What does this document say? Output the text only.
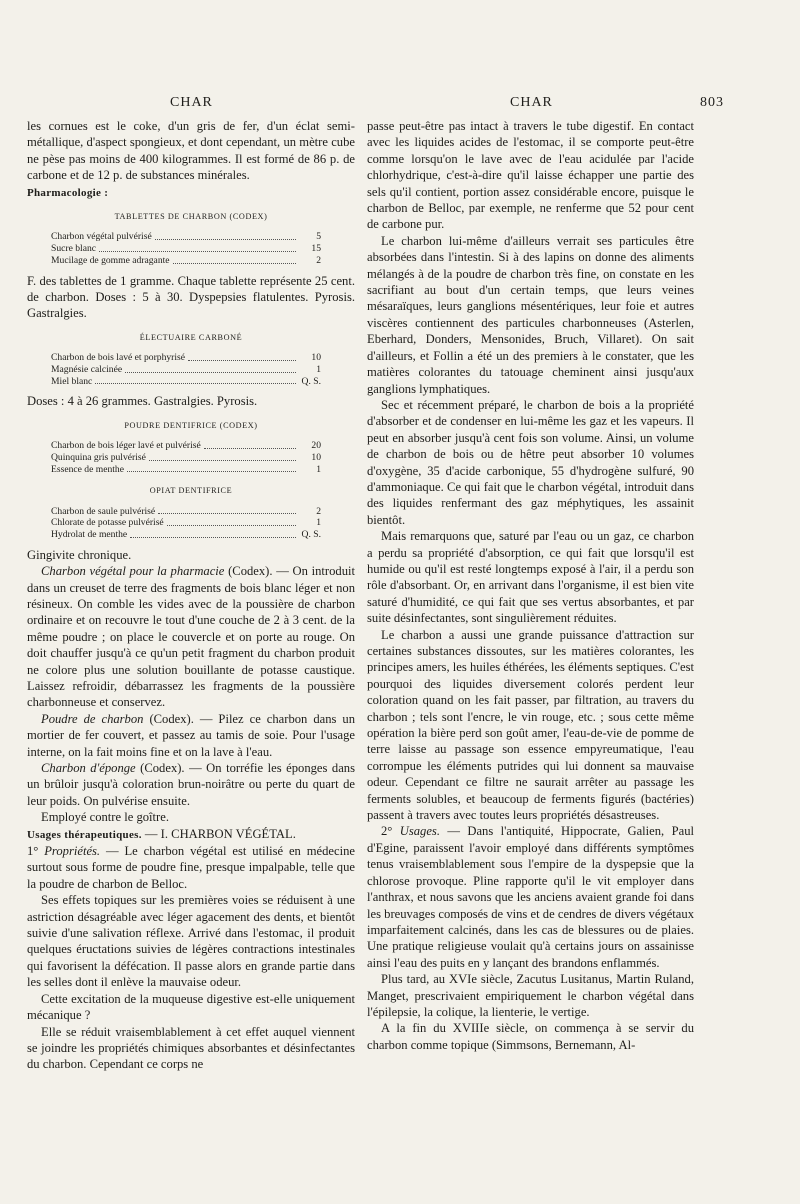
CHAR	CHAR	803

les cornues est le coke, d'un gris de fer, d'un éclat semi-métallique, d'aspect spongieux, et dont cependant, un mètre cube ne pèse pas moins de 400 kilogrammes. Il est formé de 86 p. de carbone et de 12 p. de substances minérales.

Pharmacologie :

TABLETTES DE CHARBON (CODEX)
Charbon végétal pulvérisé	5
Sucre blanc	15
Mucilage de gomme adragante	2

F. des tablettes de 1 gramme. Chaque tablette représente 25 cent. de charbon. Doses : 5 à 30. Dyspepsies flatulentes. Pyrosis. Gastralgies.

ÉLECTUAIRE CARBONÉ
Charbon de bois lavé et porphyrisé	10
Magnésie calcinée	1
Miel blanc	Q. S.

Doses : 4 à 26 grammes. Gastralgies. Pyrosis.

POUDRE DENTIFRICE (CODEX)
Charbon de bois léger lavé et pulvérisé	20
Quinquina gris pulvérisé	10
Essence de menthe	1
OPIAT DENTIFRICE
Charbon de saule pulvérisé	2
Chlorate de potasse pulvérisé	1
Hydrolat de menthe	Q. S.

Gingivite chronique.

Charbon végétal pour la pharmacie (Codex). — On introduit dans un creuset de terre des fragments de bois blanc léger et non résineux. On comble les vides avec de la poussière de charbon ordinaire et on recouvre le tout d'une couche de 2 à 3 cent. de la même poudre ; on place le couvercle et on porte au rouge. On doit chauffer jusqu'à ce qu'un petit fragment du charbon produit ne colore plus une solution bouillante de potasse caustique. Laissez refroidir, débarrassez les fragments de la poussière charbonneuse et conservez.

Poudre de charbon (Codex). — Pilez ce charbon dans un mortier de fer couvert, et passez au tamis de soie. Pour l'usage interne, on la fait moins fine et on la lave à l'eau.

Charbon d'éponge (Codex). — On torréfie les éponges dans un brûloir jusqu'à coloration brun-noirâtre ou perte du quart de leur poids. On pulvérise ensuite.

Employé contre le goître.

Usages thérapeutiques. — I. CHARBON VÉGÉTAL.

1° Propriétés. — Le charbon végétal est utilisé en médecine surtout sous forme de poudre fine, presque impalpable, telle que la poudre de charbon de Belloc.

Ses effets topiques sur les premières voies se réduisent à une astriction désagréable avec léger agacement des dents, et bientôt suivie d'une salivation réflexe. Arrivé dans l'estomac, il produit quelques éructations suivies de légères contractions intestinales qui favorisent la défécation. Il passe alors en grande partie dans les selles dont il enlève la mauvaise odeur.

Cette excitation de la muqueuse digestive est-elle uniquement mécanique ?

Elle se réduit vraisemblablement à cet effet auquel viennent se joindre les propriétés chimiques absorbantes et désinfectantes du charbon. Cependant ce corps ne

passe peut-être pas intact à travers le tube digestif. En contact avec les liquides acides de l'estomac, il se comporte peut-être comme lorsqu'on le lave avec de l'eau acidulée par l'acide chlorhydrique, c'est-à-dire qu'il laisse échapper une partie des sels qu'il contient, portion assez considérable encore, puisque le charbon de Belloc, par exemple, ne renferme que 52 pour cent de carbone pur.

Le charbon lui-même d'ailleurs verrait ses particules être absorbées dans l'intestin. Si à des lapins on donne des aliments mélangés à de la poudre de charbon très fine, on constate en les sacrifiant au bout d'un certain temps, que leurs veines mésaraïques, leurs ganglions mésentériques, leur foie et autres viscères contiennent des particules charbonneuses (Asterlen, Eberhard, Donders, Mensonides, Bruch, Villaret). On sait d'ailleurs, et Follin a été un des premiers à le constater, que les matières colorantes du tatouage cheminent ainsi jusqu'aux ganglions lymphatiques.

Sec et récemment préparé, le charbon de bois a la propriété d'absorber et de condenser en lui-même les gaz et les vapeurs. Il peut en absorber jusqu'à cent fois son volume. Ainsi, un volume de charbon de bois ou de hêtre peut absorber 10 volumes d'oxygène, 35 d'acide carbonique, 55 d'hydrogène sulfuré, 90 d'ammoniaque. Ce qui fait que le charbon végétal, introduit dans des liquides renfermant des gaz méphytiques, les assainit bientôt.

Mais remarquons que, saturé par l'eau ou un gaz, ce charbon a perdu sa propriété d'absorption, ce qui fait que lorsqu'il est humide ou qu'il est resté longtemps exposé à l'air, il a perdu son rôle d'absorbant. Or, en arrivant dans l'organisme, il est bien vite saturé d'humidité, ce qui fait que ses vertus absorbantes, et par suite désinfectantes, sont singulièrement réduites.

Le charbon a aussi une grande puissance d'attraction sur certaines substances dissoutes, sur les matières colorantes, les principes amers, les huiles éthérées, les éléments septiques. C'est pourquoi des liquides diversement colorés perdent leur coloration quand on les fait passer, par filtration, au travers du charbon ; tels sont l'encre, le vin rouge, etc. ; sous cette même opération la bière perd son goût amer, l'eau-de-vie de pomme de terre laisse au passage son essence empyreumatique, l'eau corrompue les éléments putrides qui lui donnent sa mauvaise odeur. Cependant ce filtre ne saurait arrêter au passage les ferments solubles, et beaucoup de ferments figurés (bactéries) passent à travers avec toutes leurs propriétés désastreuses.

2° Usages. — Dans l'antiquité, Hippocrate, Galien, Paul d'Egine, paraissent l'avoir employé dans différents symptômes tenus vraisemblablement sous l'empire de la dyspepsie que la chlorose provoque. Pline rapporte qu'il le vit employer dans l'anthrax, et nous savons que les anciens avaient grande foi dans les breuvages composés de vins et de cendres de divers végétaux imparfaitement calcinés, dans les cas de blessures ou de plaies. Une pratique religieuse voulait qu'à certains jours on assainisse ainsi l'eau des puits en y lançant des brandons enflammés.

Plus tard, au XVIe siècle, Zacutus Lusitanus, Martin Ruland, Manget, prescrivaient empiriquement le charbon végétal dans l'épilepsie, la colique, la lienterie, le vertige.

A la fin du XVIIIe siècle, on commença à se servir du charbon comme topique (Simmsons, Bernemann, Al-
